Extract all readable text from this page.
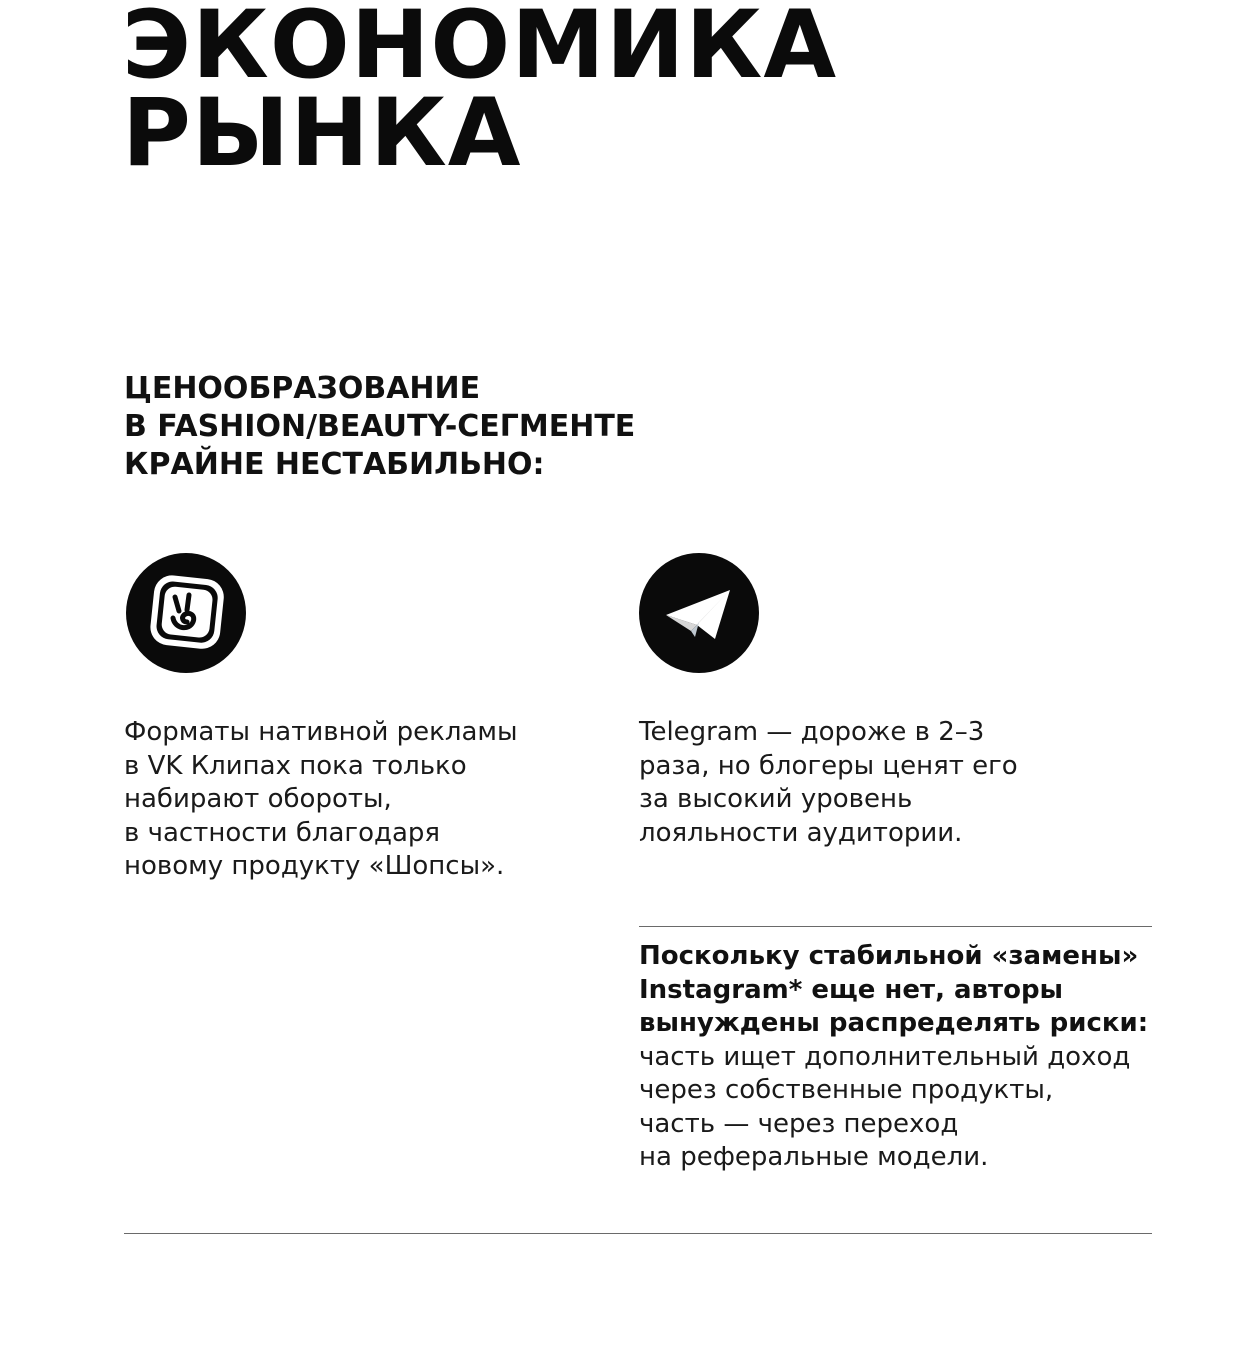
ЭКОНОМИКА
РЫНКА
ЦЕНООБРАЗОВАНИЕ
В FASHION/BEAUTY-СЕГМЕНТЕ
КРАЙНЕ НЕСТАБИЛЬНО:

Форматы нативной рекламы
в VK Клипах пока только
набирают обороты,
в частности благодаря
новому продукту «Шопсы».

Telegram — дороже в 2–3
раза, но блогеры ценят его
за высокий уровень
лояльности аудитории.

Поскольку стабильной «замены»
Instagram* еще нет, авторы
вынуждены распределять риски:
часть ищет дополнительный доход
через собственные продукты,
часть — через переход
на реферальные модели.
